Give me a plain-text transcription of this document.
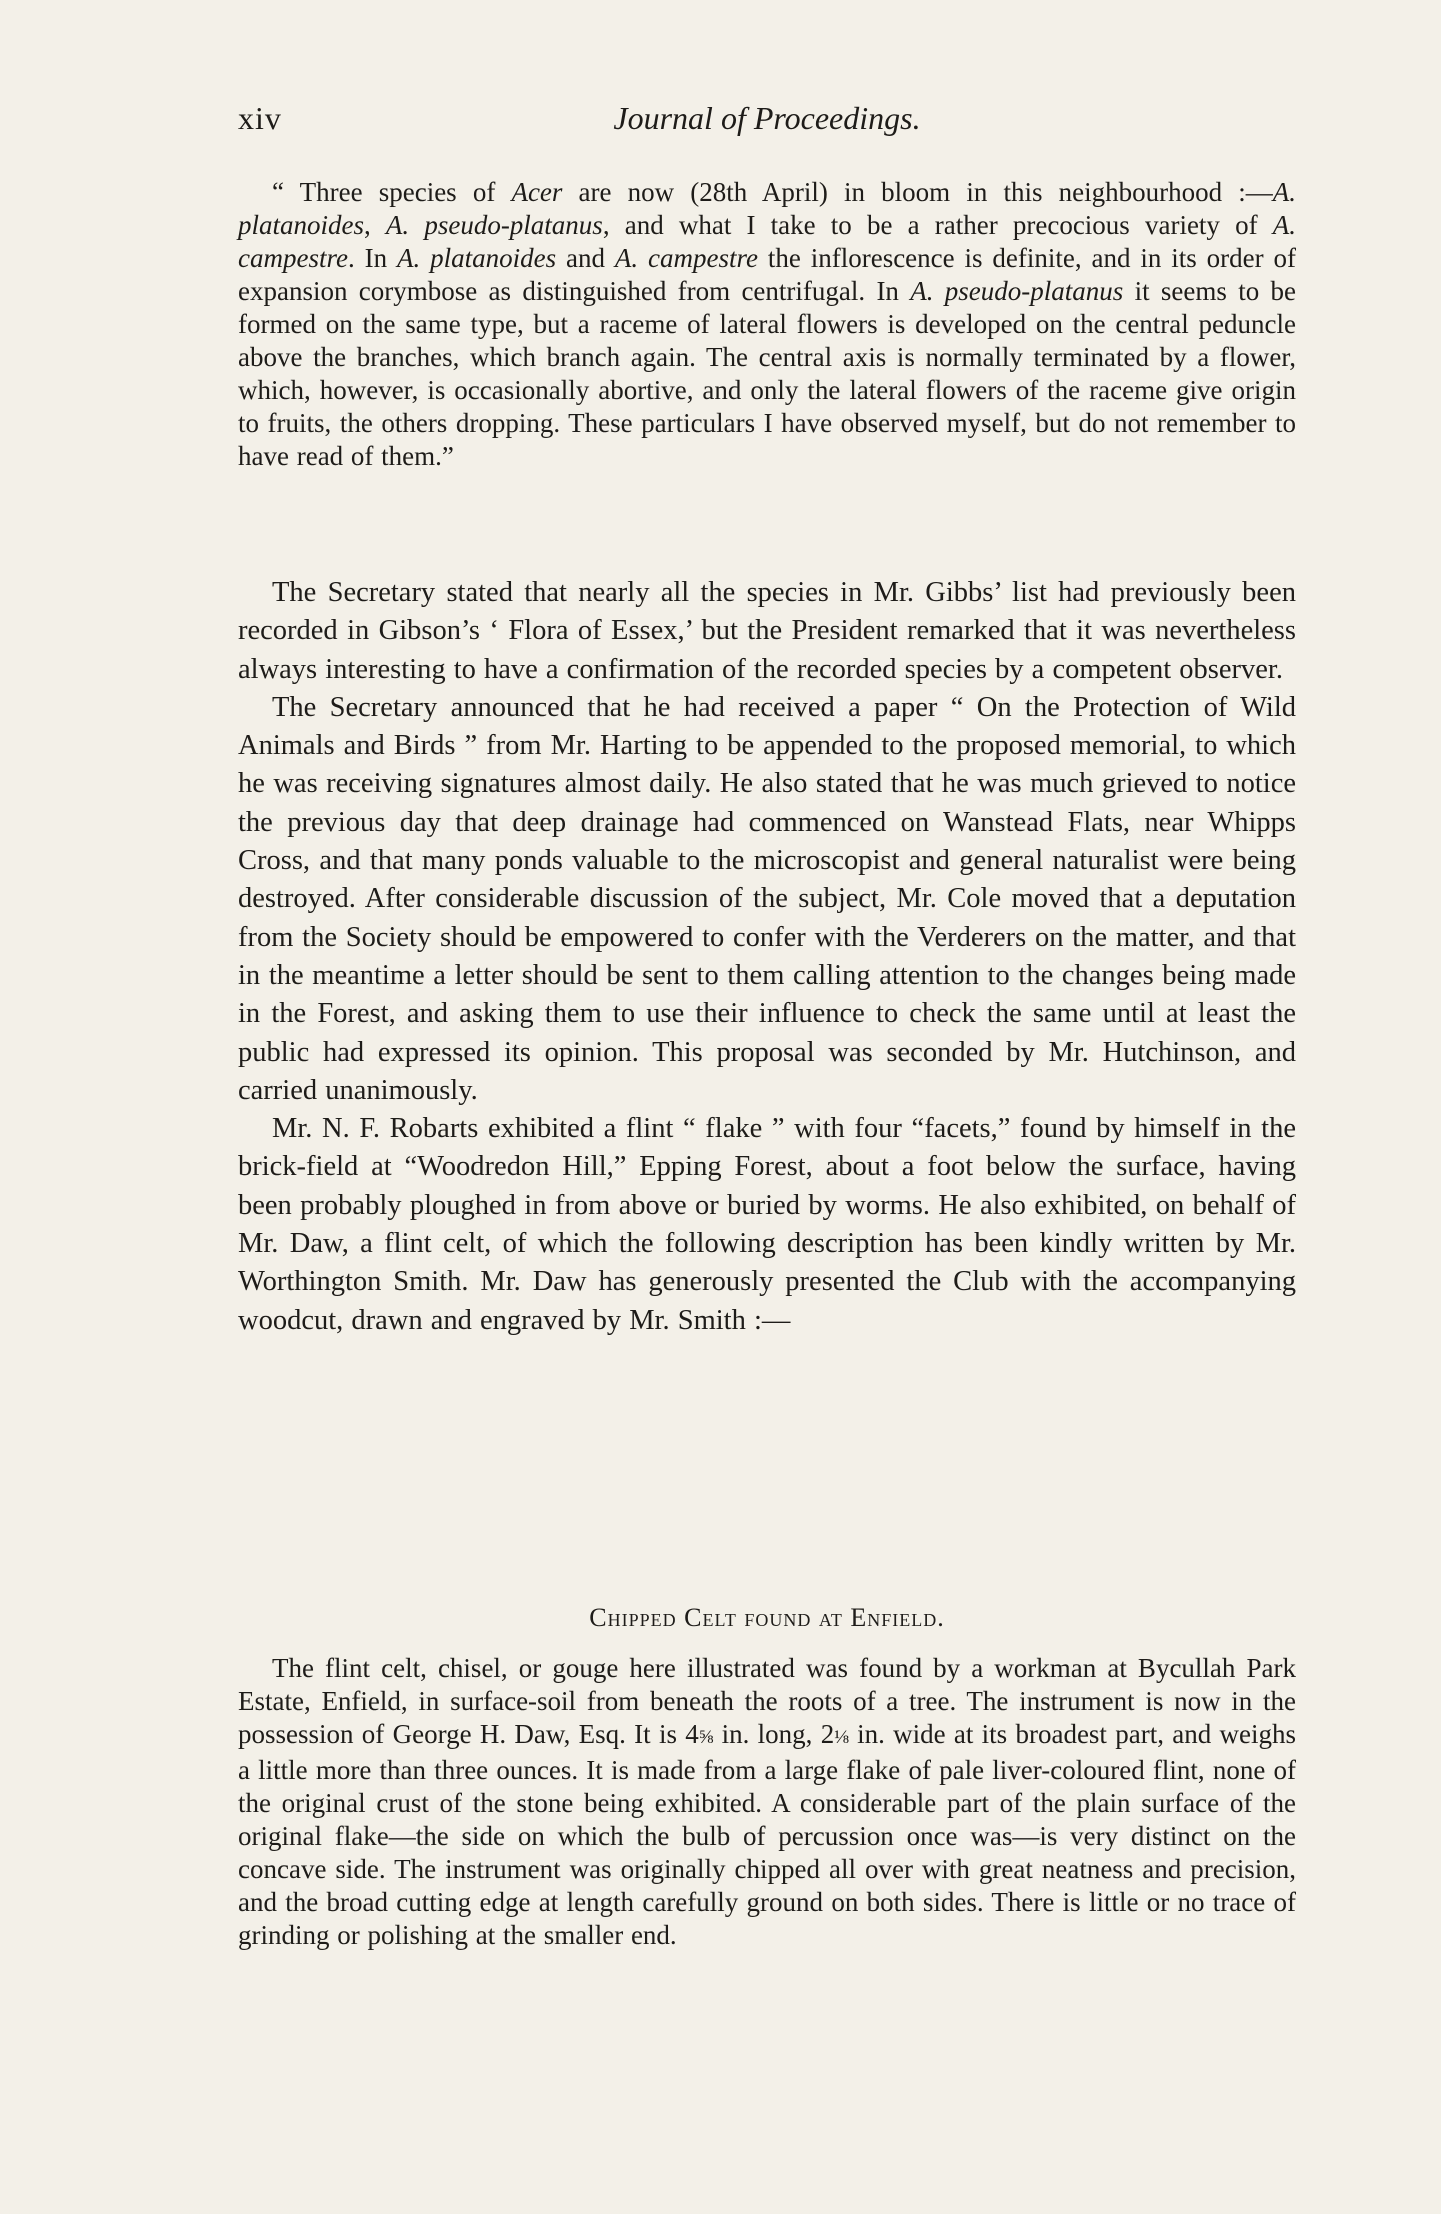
xiv	Journal of Proceedings.

“ Three species of Acer are now (28th April) in bloom in this neighbourhood :—A. platanoides, A. pseudo-platanus, and what I take to be a rather precocious variety of A. campestre. In A. platanoides and A. campestre the inflorescence is definite, and in its order of expansion corymbose as distinguished from centrifugal. In A. pseudo-platanus it seems to be formed on the same type, but a raceme of lateral flowers is developed on the central peduncle above the branches, which branch again. The central axis is normally terminated by a flower, which, however, is occasionally abortive, and only the lateral flowers of the raceme give origin to fruits, the others dropping. These particulars I have observed myself, but do not remember to have read of them.”

The Secretary stated that nearly all the species in Mr. Gibbs’ list had previously been recorded in Gibson’s ‘ Flora of Essex,’ but the President remarked that it was nevertheless always interesting to have a confirmation of the recorded species by a competent observer.

The Secretary announced that he had received a paper “ On the Protection of Wild Animals and Birds ” from Mr. Harting to be appended to the proposed memorial, to which he was receiving signatures almost daily. He also stated that he was much grieved to notice the previous day that deep drainage had commenced on Wanstead Flats, near Whipps Cross, and that many ponds valuable to the microscopist and general naturalist were being destroyed. After considerable discussion of the subject, Mr. Cole moved that a deputation from the Society should be empowered to confer with the Verderers on the matter, and that in the meantime a letter should be sent to them calling attention to the changes being made in the Forest, and asking them to use their influence to check the same until at least the public had expressed its opinion. This proposal was seconded by Mr. Hutchinson, and carried unanimously.

Mr. N. F. Robarts exhibited a flint “ flake ” with four “facets,” found by himself in the brick-field at “Woodredon Hill,” Epping Forest, about a foot below the surface, having been probably ploughed in from above or buried by worms. He also exhibited, on behalf of Mr. Daw, a flint celt, of which the following description has been kindly written by Mr. Worthington Smith. Mr. Daw has generously presented the Club with the accompanying woodcut, drawn and engraved by Mr. Smith :—

Chipped Celt found at Enfield.

The flint celt, chisel, or gouge here illustrated was found by a workman at Bycullah Park Estate, Enfield, in surface-soil from beneath the roots of a tree. The instrument is now in the possession of George H. Daw, Esq. It is 4⅝ in. long, 2⅛ in. wide at its broadest part, and weighs a little more than three ounces. It is made from a large flake of pale liver-coloured flint, none of the original crust of the stone being exhibited. A considerable part of the plain surface of the original flake—the side on which the bulb of percussion once was—is very distinct on the concave side. The instrument was originally chipped all over with great neatness and precision, and the broad cutting edge at length carefully ground on both sides. There is little or no trace of grinding or polishing at the smaller end.
